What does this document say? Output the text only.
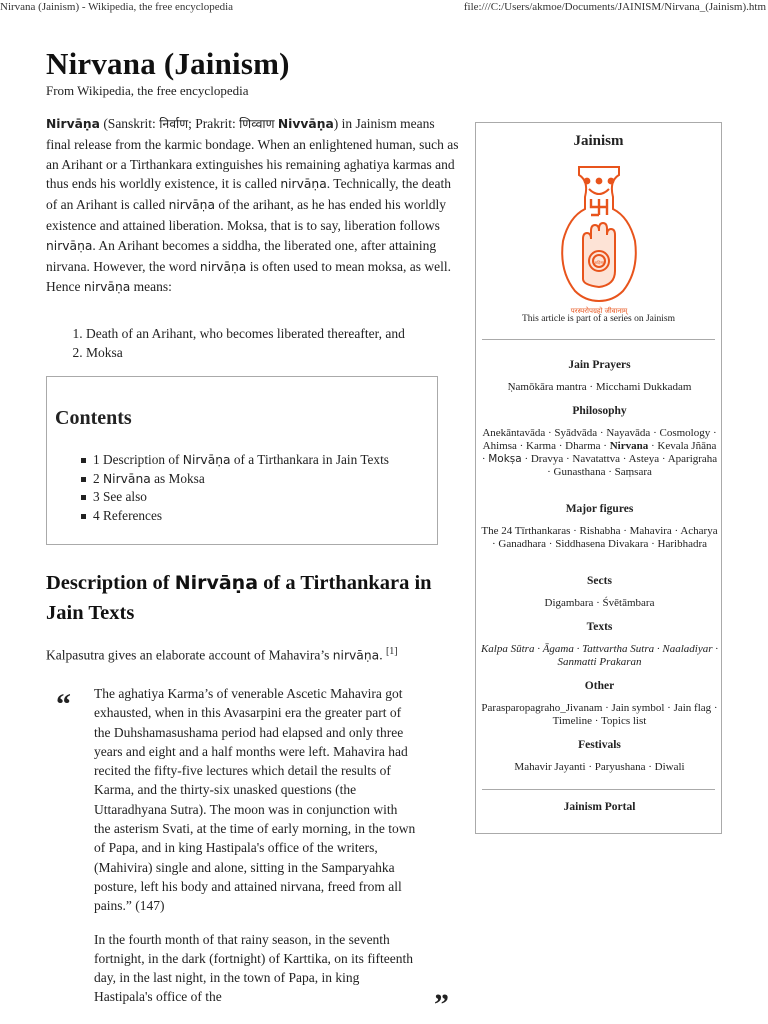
Nirvana (Jainism) - Wikipedia, the free encyclopedia	file:///C:/Users/akmoe/Documents/JAINISM/Nirvana_(Jainism).htm
Nirvana (Jainism)
From Wikipedia, the free encyclopedia

Nirvāṇa (Sanskrit: निर्वाण; Prakrit: णिव्वाण Nivvāṇa) in Jainism means final release from the karmic bondage. When an enlightened human, such as an Arihant or a Tirthankara extinguishes his remaining aghatiya karmas and thus ends his worldly existence, it is called nirvāṇa. Technically, the death of an Arihant is called nirvāṇa of the arihant, as he has ended his worldly existence and attained liberation. Moksa, that is to say, liberation follows nirvāṇa. An Arihant becomes a siddha, the liberated one, after attaining nirvana. However, the word nirvāṇa is often used to mean moksa, as well. Hence nirvāṇa means:

1. Death of an Arihant, who becomes liberated thereafter, and
2. Moksa
Contents
1 Description of Nirvāṇa of a Tirthankara in Jain Texts
2 Nirvāna as Moksa
3 See also
4 References
Description of Nirvāṇa of a Tirthankara in Jain Texts
Kalpasutra gives an elaborate account of Mahavira’s nirvāṇa. [1]
“ The aghatiya Karma’s of venerable Ascetic Mahavira got exhausted, when in this Avasarpini era the greater part of the Duhshamasushama period had elapsed and only three years and eight and a half months were left. Mahavira had recited the fifty-five lectures which detail the results of Karma, and the thirty-six unasked questions (the Uttaradhyana Sutra). The moon was in conjunction with the asterism Svati, at the time of early morning, in the town of Papa, and in king Hastipala's office of the writers, (Mahivira) single and alone, sitting in the Samparyahka posture, left his body and attained nirvana, freed from all pains.” (147)

In the fourth month of that rainy season, in the seventh fortnight, in the dark (fortnight) of Karttika, on its fifteenth day, in the last night, in the town of Papa, in king Hastipala's office of the	”
Jainism
अहिंसा
परस्परोपग्रहो जीवानाम्
This article is part of a series on Jainism
Jain Prayers
Ṇamōkāra mantra · Micchami Dukkadam
Philosophy
Anekāntavāda · Syādvāda · Nayavāda · Cosmology · Ahimsa · Karma · Dharma · Nirvana · Kevala Jñāna · Mokṣa · Dravya · Navatattva · Asteya · Aparigraha · Gunasthana · Saṃsara
Major figures
The 24 Tīrthankaras · Rishabha · Mahavira · Acharya · Ganadhara · Siddhasena Divakara · Haribhadra
Sects
Digambara · Śvētāmbara
Texts
Kalpa Sūtra · Āgama · Tattvartha Sutra · Naaladiyar · Sanmatti Prakaran
Other
Parasparopagraho_Jivanam · Jain symbol · Jain flag · Timeline · Topics list
Festivals
Mahavir Jayanti · Paryushana · Diwali
Jainism Portal
